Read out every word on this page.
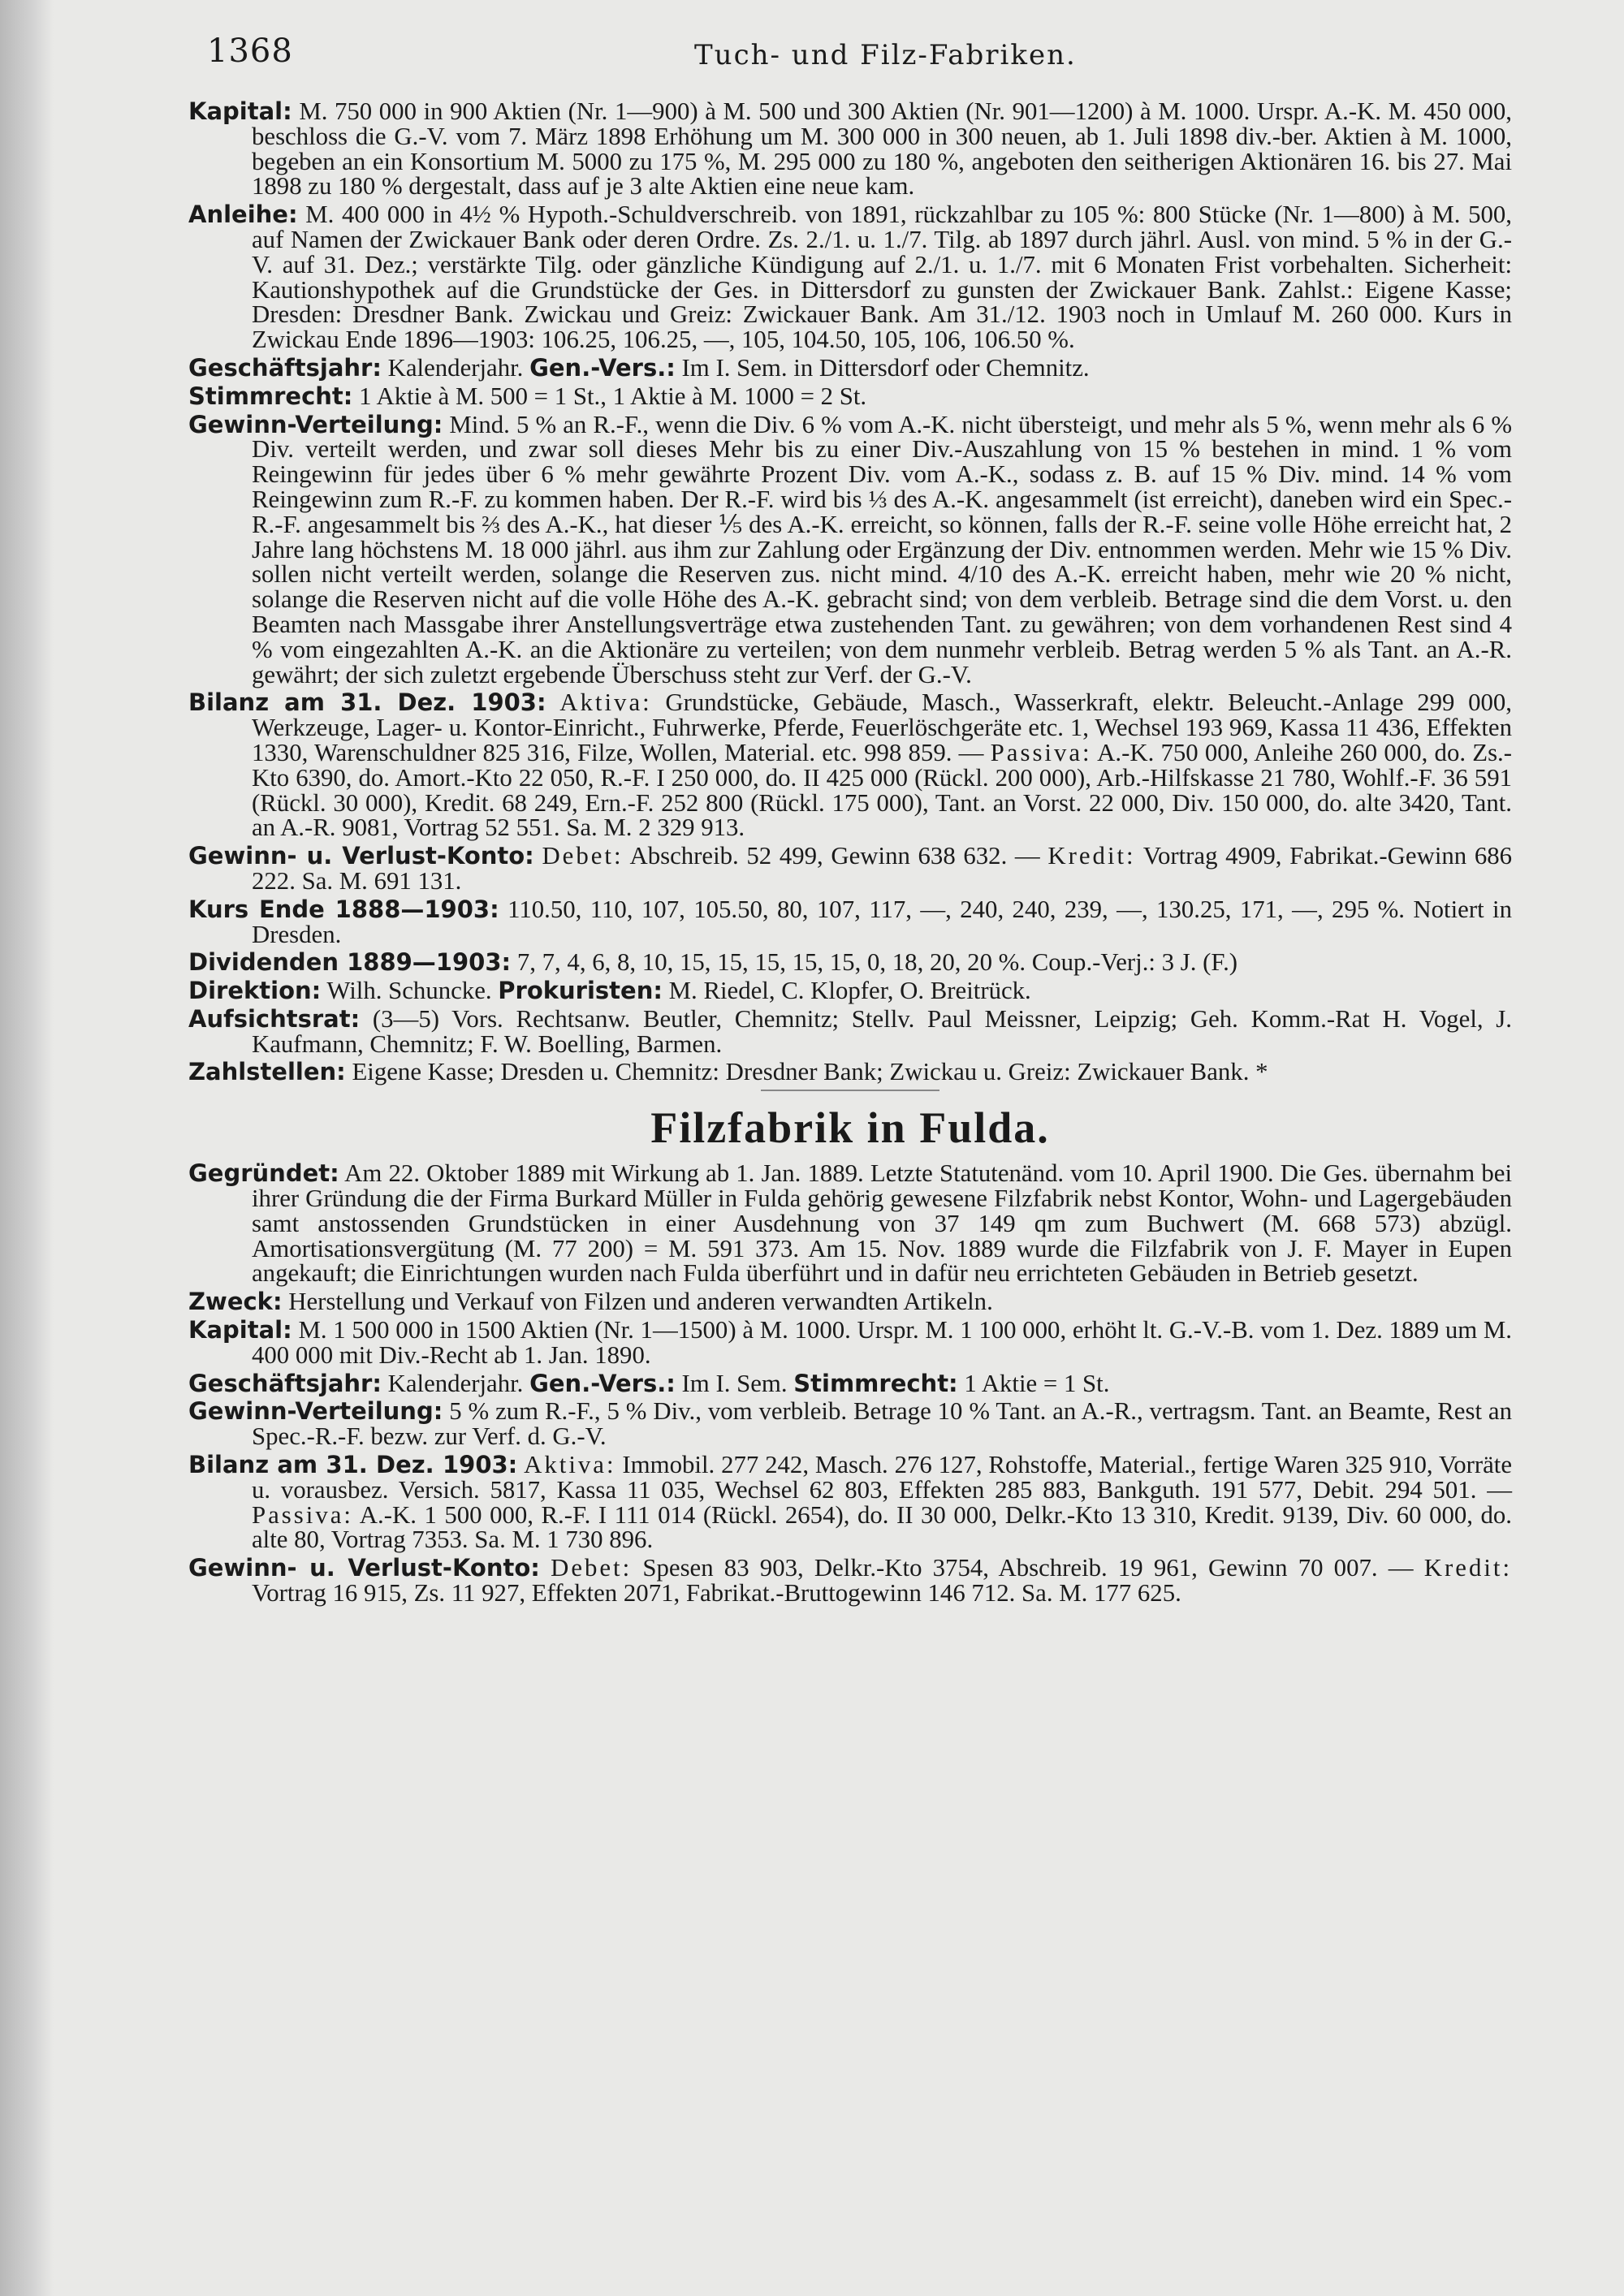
1368	Tuch- und Filz-Fabriken.

Kapital: M. 750 000 in 900 Aktien (Nr. 1—900) à M. 500 und 300 Aktien (Nr. 901—1200) à M. 1000. Urspr. A.-K. M. 450 000, beschloss die G.-V. vom 7. März 1898 Erhöhung um M. 300 000 in 300 neuen, ab 1. Juli 1898 div.-ber. Aktien à M. 1000, begeben an ein Konsortium M. 5000 zu 175 %, M. 295 000 zu 180 %, angeboten den seitherigen Aktionären 16. bis 27. Mai 1898 zu 180 % dergestalt, dass auf je 3 alte Aktien eine neue kam.

Anleihe: M. 400 000 in 4½ % Hypoth.-Schuldverschreib. von 1891, rückzahlbar zu 105 %: 800 Stücke (Nr. 1—800) à M. 500, auf Namen der Zwickauer Bank oder deren Ordre. Zs. 2./1. u. 1./7. Tilg. ab 1897 durch jährl. Ausl. von mind. 5 % in der G.-V. auf 31. Dez.; verstärkte Tilg. oder gänzliche Kündigung auf 2./1. u. 1./7. mit 6 Monaten Frist vorbehalten. Sicherheit: Kautionshypothek auf die Grundstücke der Ges. in Dittersdorf zu gunsten der Zwickauer Bank. Zahlst.: Eigene Kasse; Dresden: Dresdner Bank. Zwickau und Greiz: Zwickauer Bank. Am 31./12. 1903 noch in Umlauf M. 260 000. Kurs in Zwickau Ende 1896—1903: 106.25, 106.25, —, 105, 104.50, 105, 106, 106.50 %.

Geschäftsjahr: Kalenderjahr. Gen.-Vers.: Im I. Sem. in Dittersdorf oder Chemnitz.

Stimmrecht: 1 Aktie à M. 500 = 1 St., 1 Aktie à M. 1000 = 2 St.

Gewinn-Verteilung: Mind. 5 % an R.-F., wenn die Div. 6 % vom A.-K. nicht übersteigt, und mehr als 5 %, wenn mehr als 6 % Div. verteilt werden, und zwar soll dieses Mehr bis zu einer Div.-Auszahlung von 15 % bestehen in mind. 1 % vom Reingewinn für jedes über 6 % mehr gewährte Prozent Div. vom A.-K., sodass z. B. auf 15 % Div. mind. 14 % vom Reingewinn zum R.-F. zu kommen haben. Der R.-F. wird bis ⅓ des A.-K. angesammelt (ist erreicht), daneben wird ein Spec.-R.-F. angesammelt bis ⅔ des A.-K., hat dieser ⅕ des A.-K. erreicht, so können, falls der R.-F. seine volle Höhe erreicht hat, 2 Jahre lang höchstens M. 18 000 jährl. aus ihm zur Zahlung oder Ergänzung der Div. entnommen werden. Mehr wie 15 % Div. sollen nicht verteilt werden, solange die Reserven zus. nicht mind. 4/10 des A.-K. erreicht haben, mehr wie 20 % nicht, solange die Reserven nicht auf die volle Höhe des A.-K. gebracht sind; von dem verbleib. Betrage sind die dem Vorst. u. den Beamten nach Massgabe ihrer Anstellungsverträge etwa zustehenden Tant. zu gewähren; von dem vorhandenen Rest sind 4 % vom eingezahlten A.-K. an die Aktionäre zu verteilen; von dem nunmehr verbleib. Betrag werden 5 % als Tant. an A.-R. gewährt; der sich zuletzt ergebende Überschuss steht zur Verf. der G.-V.

Bilanz am 31. Dez. 1903: Aktiva: Grundstücke, Gebäude, Masch., Wasserkraft, elektr. Beleucht.-Anlage 299 000, Werkzeuge, Lager- u. Kontor-Einricht., Fuhrwerke, Pferde, Feuerlöschgeräte etc. 1, Wechsel 193 969, Kassa 11 436, Effekten 1330, Warenschuldner 825 316, Filze, Wollen, Material. etc. 998 859. — Passiva: A.-K. 750 000, Anleihe 260 000, do. Zs.-Kto 6390, do. Amort.-Kto 22 050, R.-F. I 250 000, do. II 425 000 (Rückl. 200 000), Arb.-Hilfskasse 21 780, Wohlf.-F. 36 591 (Rückl. 30 000), Kredit. 68 249, Ern.-F. 252 800 (Rückl. 175 000), Tant. an Vorst. 22 000, Div. 150 000, do. alte 3420, Tant. an A.-R. 9081, Vortrag 52 551. Sa. M. 2 329 913.

Gewinn- u. Verlust-Konto: Debet: Abschreib. 52 499, Gewinn 638 632. — Kredit: Vortrag 4909, Fabrikat.-Gewinn 686 222. Sa. M. 691 131.

Kurs Ende 1888—1903: 110.50, 110, 107, 105.50, 80, 107, 117, —, 240, 240, 239, —, 130.25, 171, —, 295 %. Notiert in Dresden.

Dividenden 1889—1903: 7, 7, 4, 6, 8, 10, 15, 15, 15, 15, 15, 0, 18, 20, 20 %. Coup.-Verj.: 3 J. (F.)

Direktion: Wilh. Schuncke. Prokuristen: M. Riedel, C. Klopfer, O. Breitrück.

Aufsichtsrat: (3—5) Vors. Rechtsanw. Beutler, Chemnitz; Stellv. Paul Meissner, Leipzig; Geh. Komm.-Rat H. Vogel, J. Kaufmann, Chemnitz; F. W. Boelling, Barmen.

Zahlstellen: Eigene Kasse; Dresden u. Chemnitz: Dresdner Bank; Zwickau u. Greiz: Zwickauer Bank. *

Filzfabrik in Fulda.

Gegründet: Am 22. Oktober 1889 mit Wirkung ab 1. Jan. 1889. Letzte Statutenänd. vom 10. April 1900. Die Ges. übernahm bei ihrer Gründung die der Firma Burkard Müller in Fulda gehörig gewesene Filzfabrik nebst Kontor, Wohn- und Lagergebäuden samt anstossenden Grundstücken in einer Ausdehnung von 37 149 qm zum Buchwert (M. 668 573) abzügl. Amortisationsvergütung (M. 77 200) = M. 591 373. Am 15. Nov. 1889 wurde die Filzfabrik von J. F. Mayer in Eupen angekauft; die Einrichtungen wurden nach Fulda überführt und in dafür neu errichteten Gebäuden in Betrieb gesetzt.

Zweck: Herstellung und Verkauf von Filzen und anderen verwandten Artikeln.

Kapital: M. 1 500 000 in 1500 Aktien (Nr. 1—1500) à M. 1000. Urspr. M. 1 100 000, erhöht lt. G.-V.-B. vom 1. Dez. 1889 um M. 400 000 mit Div.-Recht ab 1. Jan. 1890.

Geschäftsjahr: Kalenderjahr. Gen.-Vers.: Im I. Sem. Stimmrecht: 1 Aktie = 1 St.

Gewinn-Verteilung: 5 % zum R.-F., 5 % Div., vom verbleib. Betrage 10 % Tant. an A.-R., vertragsm. Tant. an Beamte, Rest an Spec.-R.-F. bezw. zur Verf. d. G.-V.

Bilanz am 31. Dez. 1903: Aktiva: Immobil. 277 242, Masch. 276 127, Rohstoffe, Material., fertige Waren 325 910, Vorräte u. vorausbez. Versich. 5817, Kassa 11 035, Wechsel 62 803, Effekten 285 883, Bankguth. 191 577, Debit. 294 501. — Passiva: A.-K. 1 500 000, R.-F. I 111 014 (Rückl. 2654), do. II 30 000, Delkr.-Kto 13 310, Kredit. 9139, Div. 60 000, do. alte 80, Vortrag 7353. Sa. M. 1 730 896.

Gewinn- u. Verlust-Konto: Debet: Spesen 83 903, Delkr.-Kto 3754, Abschreib. 19 961, Gewinn 70 007. — Kredit: Vortrag 16 915, Zs. 11 927, Effekten 2071, Fabrikat.-Bruttogewinn 146 712. Sa. M. 177 625.
